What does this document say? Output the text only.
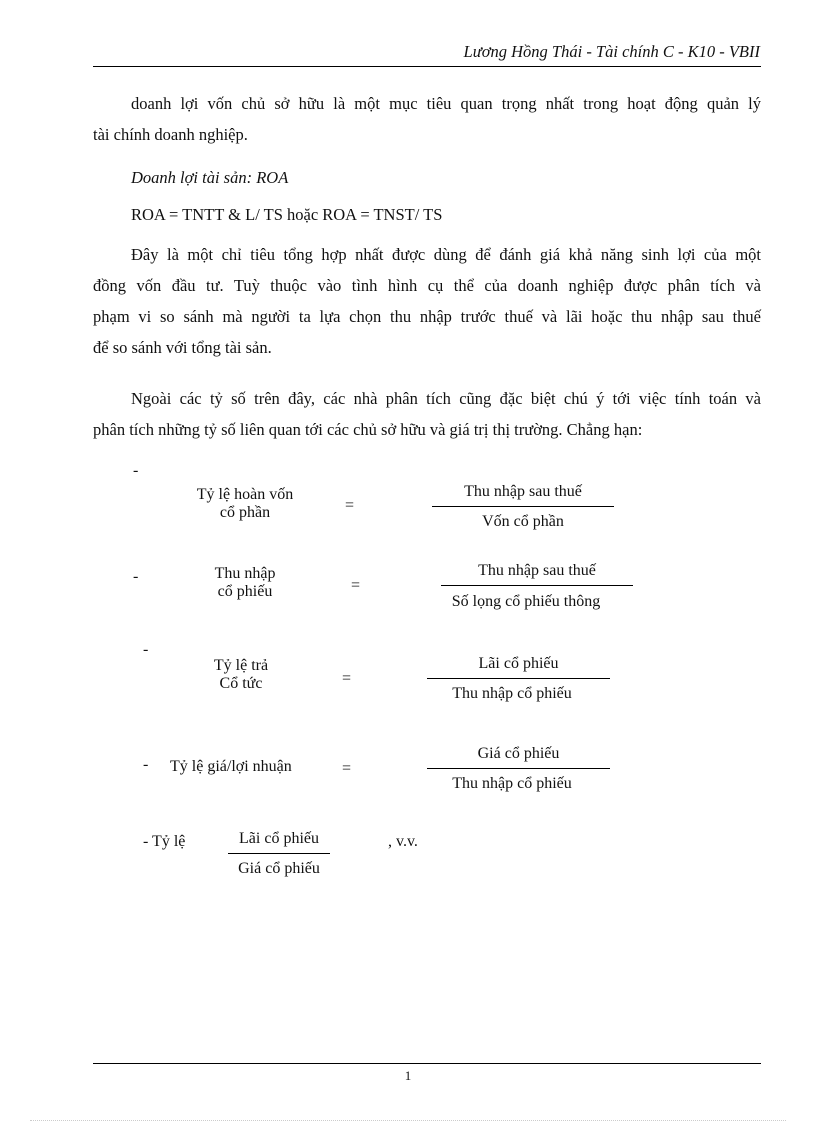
Lương Hồng Thái - Tài chính C - K10 - VBII
doanh lợi vốn chủ sở hữu là một mục tiêu quan trọng nhất trong hoạt động quản lý
tài chính doanh nghiệp.
Doanh lợi tài sản: ROA
ROA = TNTT & L/ TS hoặc ROA = TNST/ TS
Đây là một chỉ tiêu tổng hợp nhất được dùng để đánh giá khả năng sinh lợi của một
đồng vốn đầu tư. Tuỳ thuộc vào tình hình cụ thể của doanh nghiệp được phân tích và
phạm vi so sánh mà người ta lựa chọn thu nhập trước thuế và lãi hoặc thu nhập sau thuế
để so sánh với tổng tài sản.
Ngoài các tỷ số trên đây, các nhà phân tích cũng đặc biệt chú ý tới việc tính toán và
phân tích những tỷ số liên quan tới các chủ sở hữu và giá trị thị trường. Chẳng hạn:
-
Tỷ lệ hoàn vốn
cổ phần	=
Thu nhập sau thuế
Vốn cổ phần
-	Thu nhập
cổ phiếu	=
Thu nhập sau thuế
Số lọng cổ phiếu thông
-
Tỷ lệ trả
Cổ tức	=
Lãi cổ phiếu
Thu nhập cổ phiếu
- Tỷ lệ giá/lợi nhuận	=
Giá cổ phiếu
Thu nhập cổ phiếu
- Tỷ lệ	Lãi cổ phiếu
Giá cổ phiếu
, v.v.
1
